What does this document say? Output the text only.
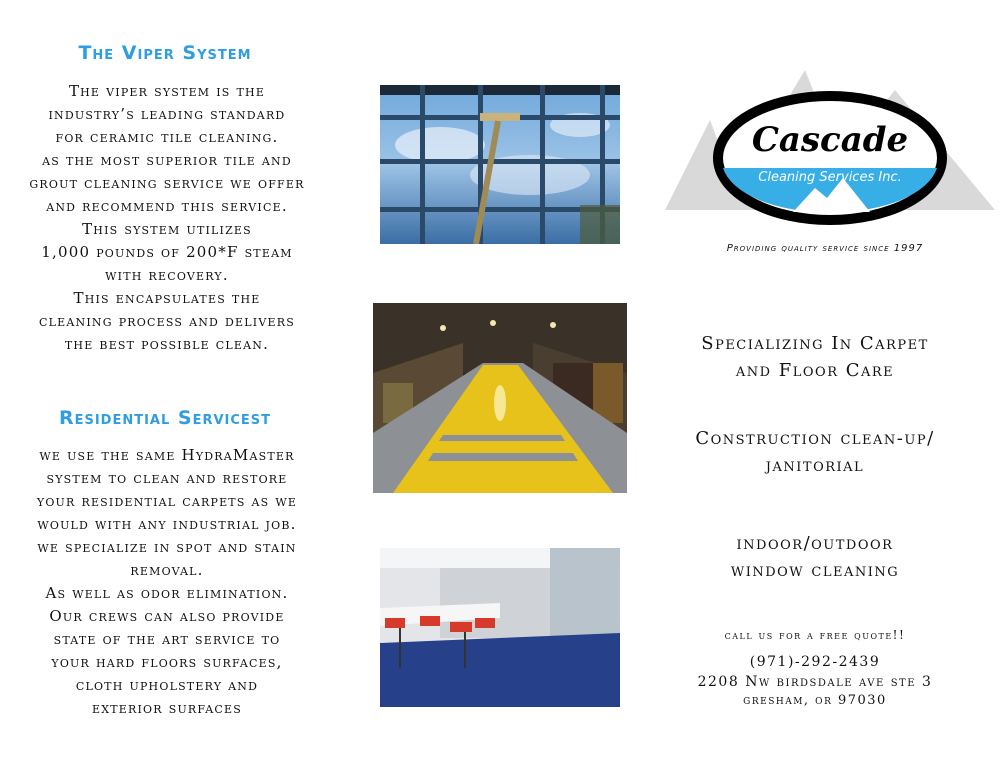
The Viper System
The viper system is the
industry’s leading standard
for ceramic tile cleaning.
as the most superior tile and
grout cleaning service we offer
and recommend this service.
This system utilizes
1,000 pounds of 200*F steam
with recovery.
This encapsulates the
cleaning process and delivers
the best possible clean.
Residential Servicest
we use the same HydraMaster
system to clean and restore
your residential carpets as we
would with any industrial job.
we specialize in spot and stain
removal.
As well as odor elimination.
Our crews can also provide
state of the art service to
your hard floors surfaces,
cloth upholstery and
exterior surfaces
Cascade
Cleaning Services Inc.
Providing quality service since 1997
Specializing In Carpet
and Floor Care
Construction clean-up/
janitorial
indoor/outdoor
window cleaning
call us for a free quote!!
(971)-292-2439
2208 Nw birdsdale ave ste 3
gresham, or 97030
